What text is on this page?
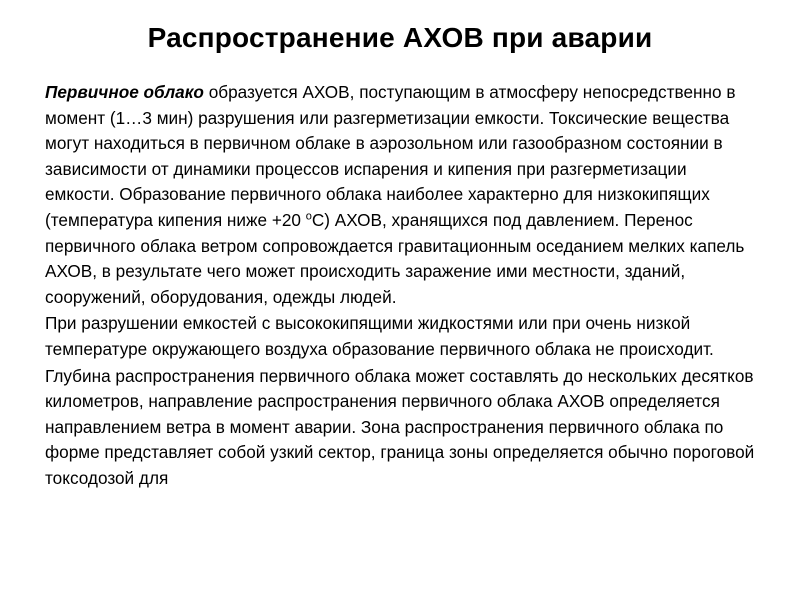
Распространение АХОВ при аварии

Первичное облако образуется АХОВ, поступающим в атмосферу непосредственно в момент (1…3 мин) разрушения или разгерметизации емкости. Токсические вещества могут находиться в первичном облаке в аэрозольном или газообразном состоянии в зависимости от динамики процессов испарения и кипения при разгерметизации емкости. Образование первичного облака наиболее характерно для низкокипящих (температура кипения ниже +20 $^о$С) АХОВ, хранящихся под давлением. Перенос первичного облака ветром сопровождается гравитационным оседанием мелких капель АХОВ, в результате чего может происходить заражение ими местности, зданий, сооружений, оборудования, одежды людей.

При разрушении емкостей с высококипящими жидкостями или при очень низкой температуре окружающего воздуха образование первичного облака не происходит.

Глубина распространения первичного облака может составлять до нескольких десятков километров, направление распространения первичного облака АХОВ определяется направлением ветра в момент аварии. Зона распространения первичного облака по форме представляет собой узкий сектор, граница зоны определяется обычно пороговой токсодозой для
